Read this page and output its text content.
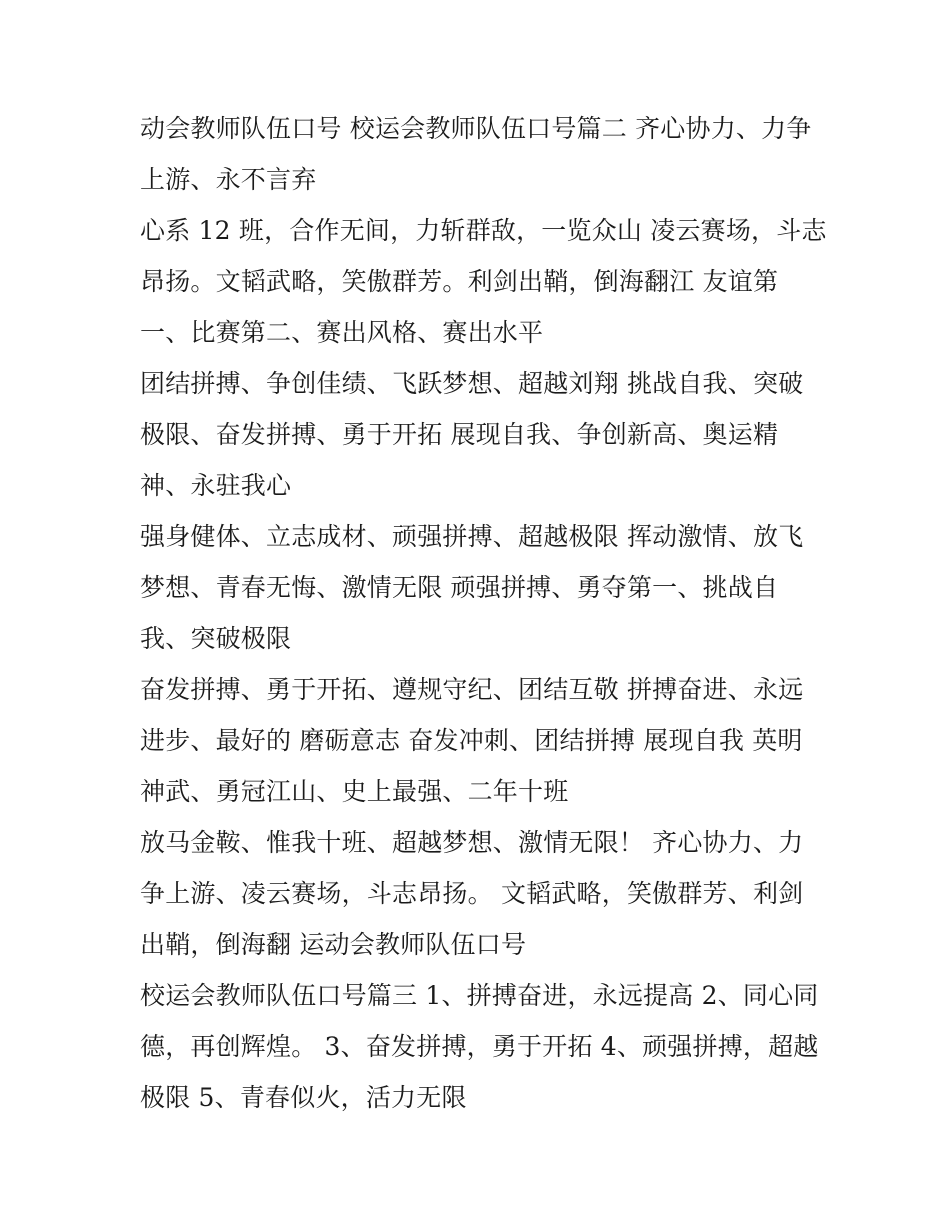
动会教师队伍口号 校运会教师队伍口号篇二 齐心协力、力争
上游、永不言弃

心系 12 班，合作无间，力斩群敌，一览众山 凌云赛场，斗志
昂扬。文韬武略，笑傲群芳。利剑出鞘，倒海翻江 友谊第
一、比赛第二、赛出风格、赛出水平

团结拼搏、争创佳绩、飞跃梦想、超越刘翔 挑战自我、突破
极限、奋发拼搏、勇于开拓 展现自我、争创新高、奥运精
神、永驻我心

强身健体、立志成材、顽强拼搏、超越极限 挥动激情、放飞
梦想、青春无悔、激情无限 顽强拼搏、勇夺第一、挑战自
我、突破极限

奋发拼搏、勇于开拓、遵规守纪、团结互敬 拼搏奋进、永远
进步、最好的 磨砺意志 奋发冲刺、团结拼搏 展现自我 英明
神武、勇冠江山、史上最强、二年十班

放马金鞍、惟我十班、超越梦想、激情无限！ 齐心协力、力
争上游、凌云赛场，斗志昂扬。 文韬武略，笑傲群芳、利剑
出鞘，倒海翻 运动会教师队伍口号

校运会教师队伍口号篇三 1、拼搏奋进，永远提高 2、同心同
德，再创辉煌。 3、奋发拼搏，勇于开拓 4、顽强拼搏，超越
极限 5、青春似火，活力无限
